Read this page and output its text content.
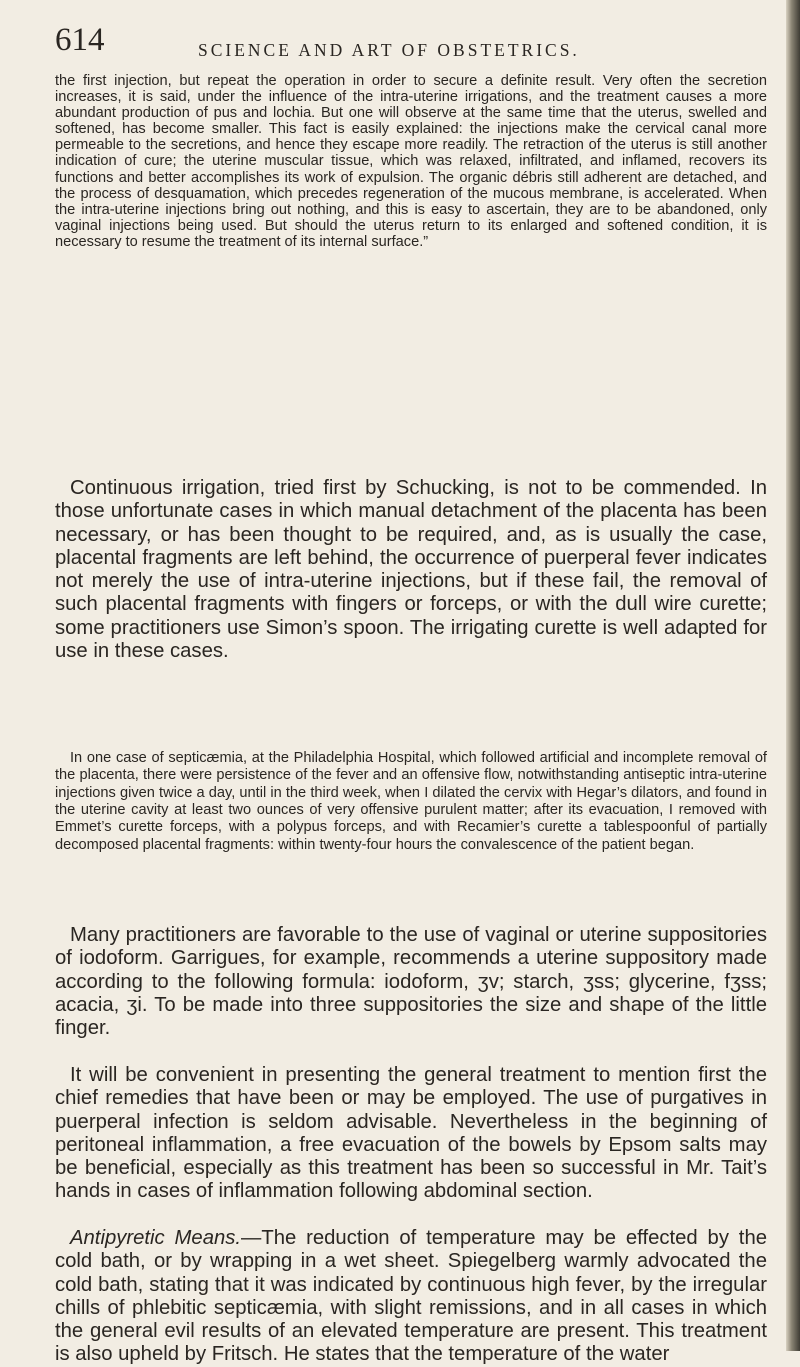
614	SCIENCE AND ART OF OBSTETRICS.

the first injection, but repeat the operation in order to secure a definite result. Very often the secretion increases, it is said, under the influence of the intra-uterine irrigations, and the treatment causes a more abundant production of pus and lochia. But one will observe at the same time that the uterus, swelled and softened, has become smaller. This fact is easily explained: the injections make the cervical canal more permeable to the secretions, and hence they escape more readily. The retraction of the uterus is still another indication of cure; the uterine muscular tissue, which was relaxed, infiltrated, and inflamed, recovers its functions and better accomplishes its work of expulsion. The organic débris still adherent are detached, and the process of desquamation, which precedes regeneration of the mucous membrane, is accelerated. When the intra-uterine injections bring out nothing, and this is easy to ascertain, they are to be abandoned, only vaginal injections being used. But should the uterus return to its enlarged and softened condition, it is necessary to resume the treatment of its internal surface.”

Continuous irrigation, tried first by Schucking, is not to be commended. In those unfortunate cases in which manual detachment of the placenta has been necessary, or has been thought to be required, and, as is usually the case, placental fragments are left behind, the occurrence of puerperal fever indicates not merely the use of intra-uterine injections, but if these fail, the removal of such placental fragments with fingers or forceps, or with the dull wire curette; some practitioners use Simon’s spoon. The irrigating curette is well adapted for use in these cases.

In one case of septicæmia, at the Philadelphia Hospital, which followed artificial and incomplete removal of the placenta, there were persistence of the fever and an offensive flow, notwithstanding antiseptic intra-uterine injections given twice a day, until in the third week, when I dilated the cervix with Hegar’s dilators, and found in the uterine cavity at least two ounces of very offensive purulent matter; after its evacuation, I removed with Emmet’s curette forceps, with a polypus forceps, and with Recamier’s curette a tablespoonful of partially decomposed placental fragments: within twenty-four hours the convalescence of the patient began.

Many practitioners are favorable to the use of vaginal or uterine suppositories of iodoform. Garrigues, for example, recommends a uterine suppository made according to the following formula: iodoform, ʒv; starch, ʒss; glycerine, fʒss; acacia, ʒi. To be made into three suppositories the size and shape of the little finger.

It will be convenient in presenting the general treatment to mention first the chief remedies that have been or may be employed. The use of purgatives in puerperal infection is seldom advisable. Nevertheless in the beginning of peritoneal inflammation, a free evacuation of the bowels by Epsom salts may be beneficial, especially as this treatment has been so successful in Mr. Tait’s hands in cases of inflammation following abdominal section.

Antipyretic Means.—The reduction of temperature may be effected by the cold bath, or by wrapping in a wet sheet. Spiegelberg warmly advocated the cold bath, stating that it was indicated by continuous high fever, by the irregular chills of phlebitic septicæmia, with slight remissions, and in all cases in which the general evil results of an elevated temperature are present. This treatment is also upheld by Fritsch. He states that the temperature of the water
